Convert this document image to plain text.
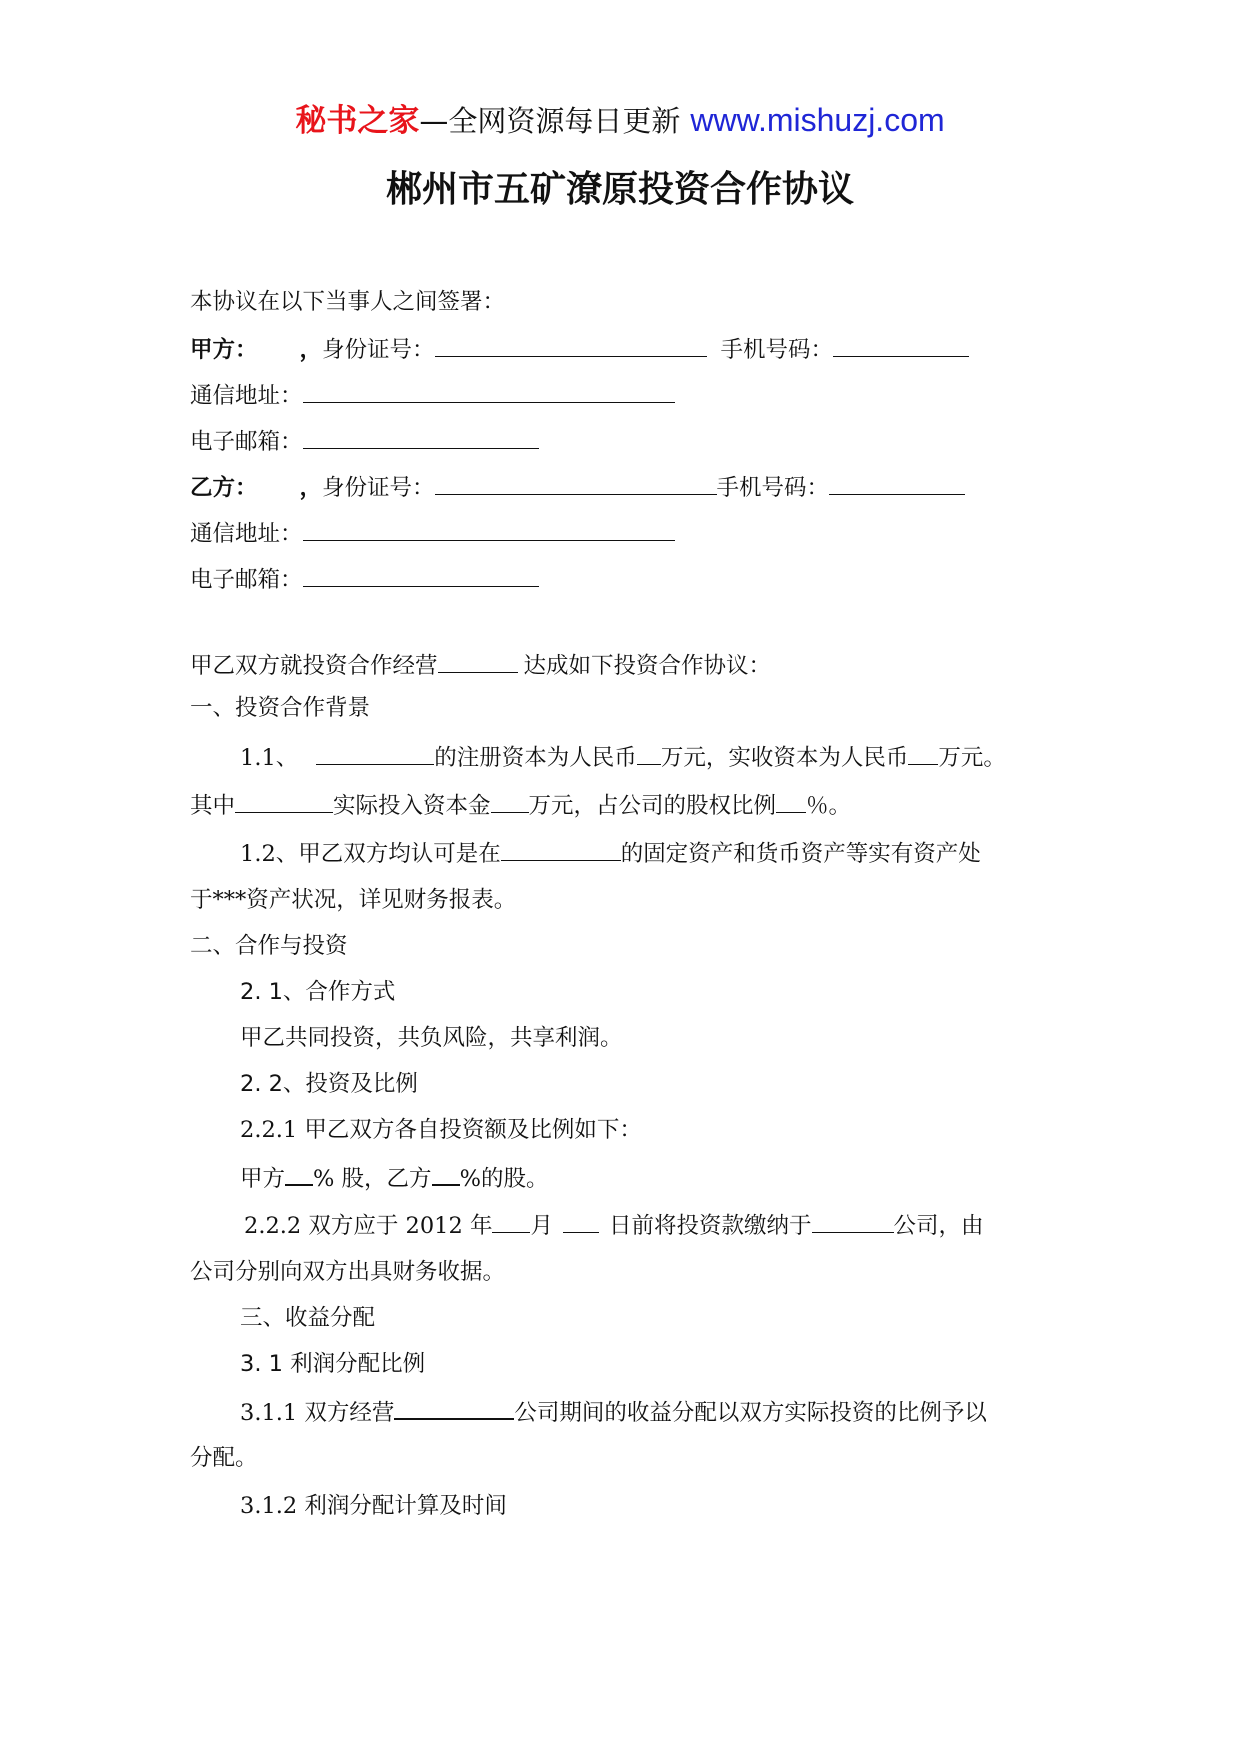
秘书之家—全网资源每日更新 www.mishuzj.com
郴州市五矿潦原投资合作协议

本协议在以下当事人之间签署：

甲方： ，身份证号：	手机号码：

通信地址：

电子邮箱：

乙方： ，身份证号：	手机号码：

通信地址：

电子邮箱：

甲乙双方就投资合作经营	达成如下投资合作协议：

一、投资合作背景

1.1、	的注册资本为人民币 万元，实收资本为人民币 万元。

其中	实际投入资本金 万元，占公司的股权比例 ％。

1.2、甲乙双方均认可是在	的固定资产和货币资产等实有资产处

于***资产状况，详见财务报表。

二、合作与投资

2. 1、合作方式

甲乙共同投资，共负风险，共享利润。

2. 2、投资及比例

2.2.1 甲乙双方各自投资额及比例如下：

甲方 % 股，乙方 %的股。

2.2.2 双方应于 2012 年 月 日前将投资款缴纳于	公司，由

公司分别向双方出具财务收据。

三、收益分配

3. 1 利润分配比例

3.1.1 双方经营	公司期间的收益分配以双方实际投资的比例予以

分配。

3.1.2 利润分配计算及时间
